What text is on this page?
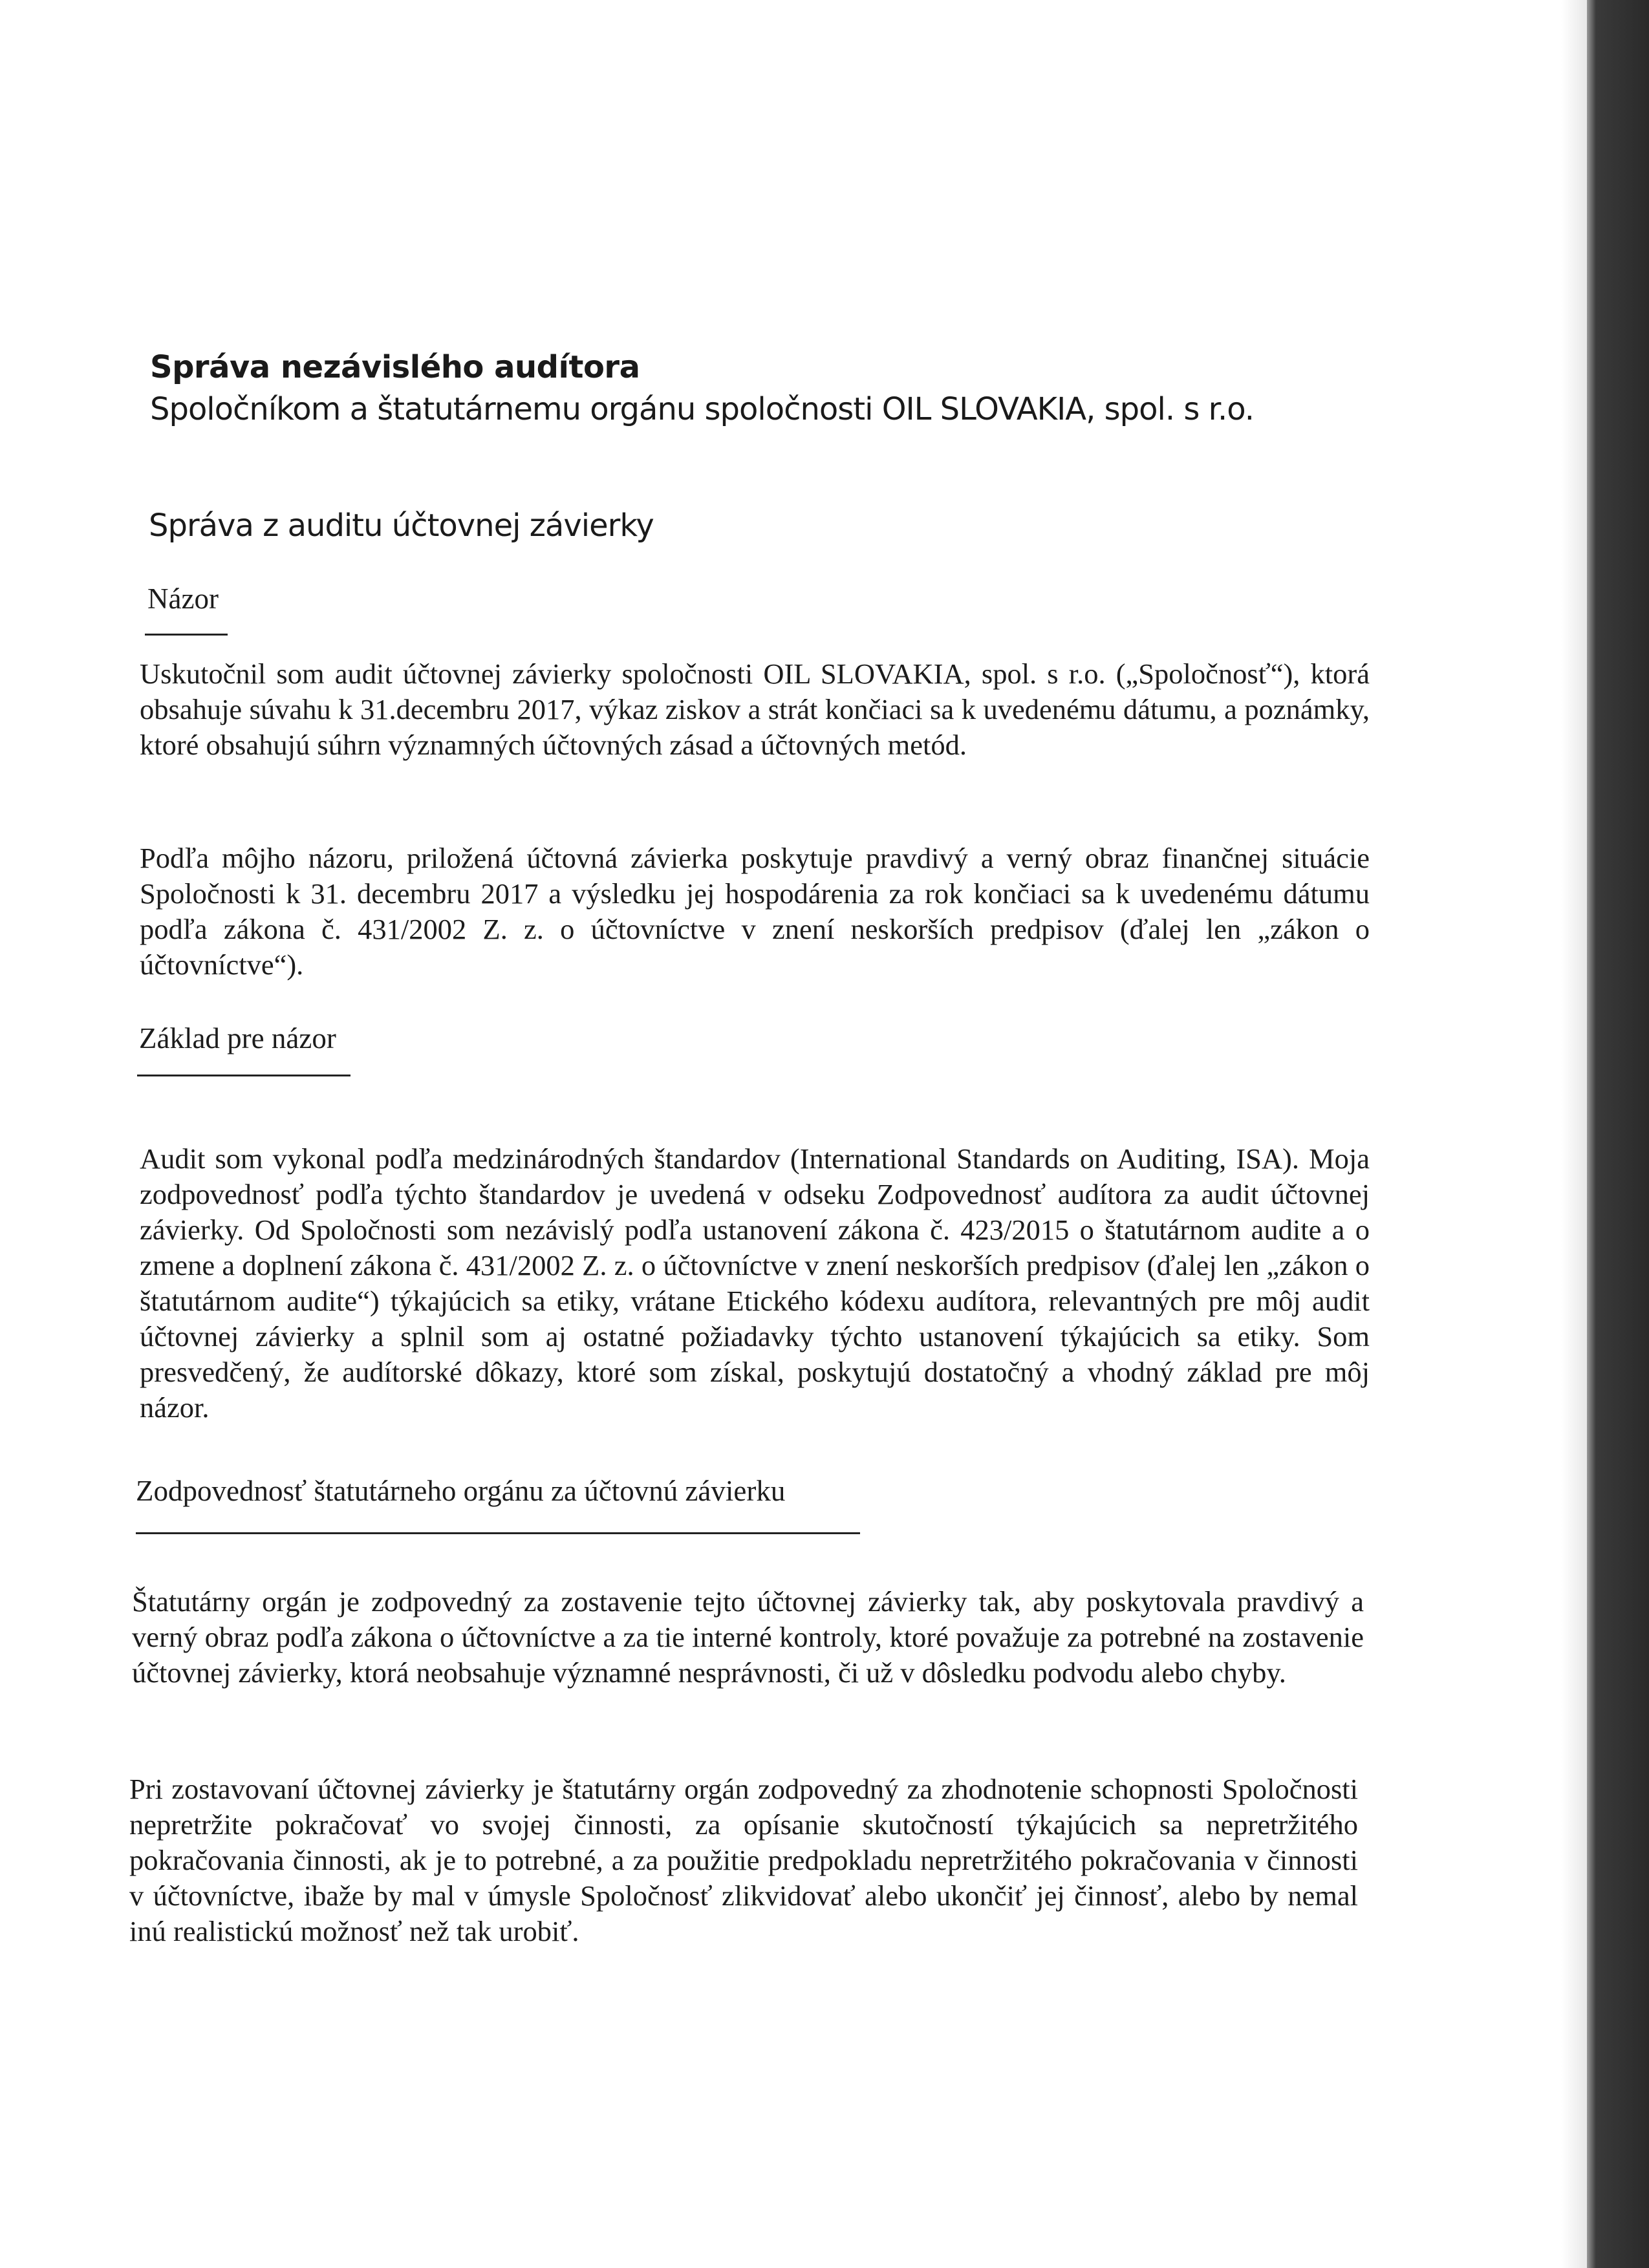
Správa nezávislého audítora
Spoločníkom a štatutárnemu orgánu spoločnosti OIL SLOVAKIA, spol. s r.o.
Správa z auditu účtovnej závierky
Názor

Uskutočnil som audit účtovnej závierky spoločnosti OIL SLOVAKIA, spol. s r.o. („Spoločnosť“), ktorá obsahuje súvahu k 31.decembru 2017, výkaz ziskov a strát končiaci sa k uvedenému dátumu, a poznámky, ktoré obsahujú súhrn významných účtovných zásad a účtovných metód.

Podľa môjho názoru, priložená účtovná závierka poskytuje pravdivý a verný obraz finančnej situácie Spoločnosti k 31. decembru 2017 a výsledku jej hospodárenia za rok končiaci sa k uvedenému dátumu podľa zákona č. 431/2002 Z. z. o účtovníctve v znení neskorších predpisov (ďalej len „zákon o účtovníctve“).

Základ pre názor

Audit som vykonal podľa medzinárodných štandardov (International Standards on Auditing, ISA). Moja zodpovednosť podľa týchto štandardov je uvedená v odseku Zodpovednosť audítora za audit účtovnej závierky. Od Spoločnosti som nezávislý podľa ustanovení zákona č. 423/2015 o štatutárnom audite a o zmene a doplnení zákona č. 431/2002 Z. z. o účtovníctve v znení neskorších predpisov (ďalej len „zákon o štatutárnom audite“) týkajúcich sa etiky, vrátane Etického kódexu audítora, relevantných pre môj audit účtovnej závierky a splnil som aj ostatné požiadavky týchto ustanovení týkajúcich sa etiky. Som presvedčený, že audítorské dôkazy, ktoré som získal, poskytujú dostatočný a vhodný základ pre môj názor.

Zodpovednosť štatutárneho orgánu za účtovnú závierku

Štatutárny orgán je zodpovedný za zostavenie tejto účtovnej závierky tak, aby poskytovala pravdivý a verný obraz podľa zákona o účtovníctve a za tie interné kontroly, ktoré považuje za potrebné na zostavenie účtovnej závierky, ktorá neobsahuje významné nesprávnosti, či už v dôsledku podvodu alebo chyby.

Pri zostavovaní účtovnej závierky je štatutárny orgán zodpovedný za zhodnotenie schopnosti Spoločnosti nepretržite pokračovať vo svojej činnosti, za opísanie skutočností týkajúcich sa nepretržitého pokračovania činnosti, ak je to potrebné, a za použitie predpokladu nepretržitého pokračovania v činnosti v účtovníctve, ibaže by mal v úmysle Spoločnosť zlikvidovať alebo ukončiť jej činnosť, alebo by nemal inú realistickú možnosť než tak urobiť.
